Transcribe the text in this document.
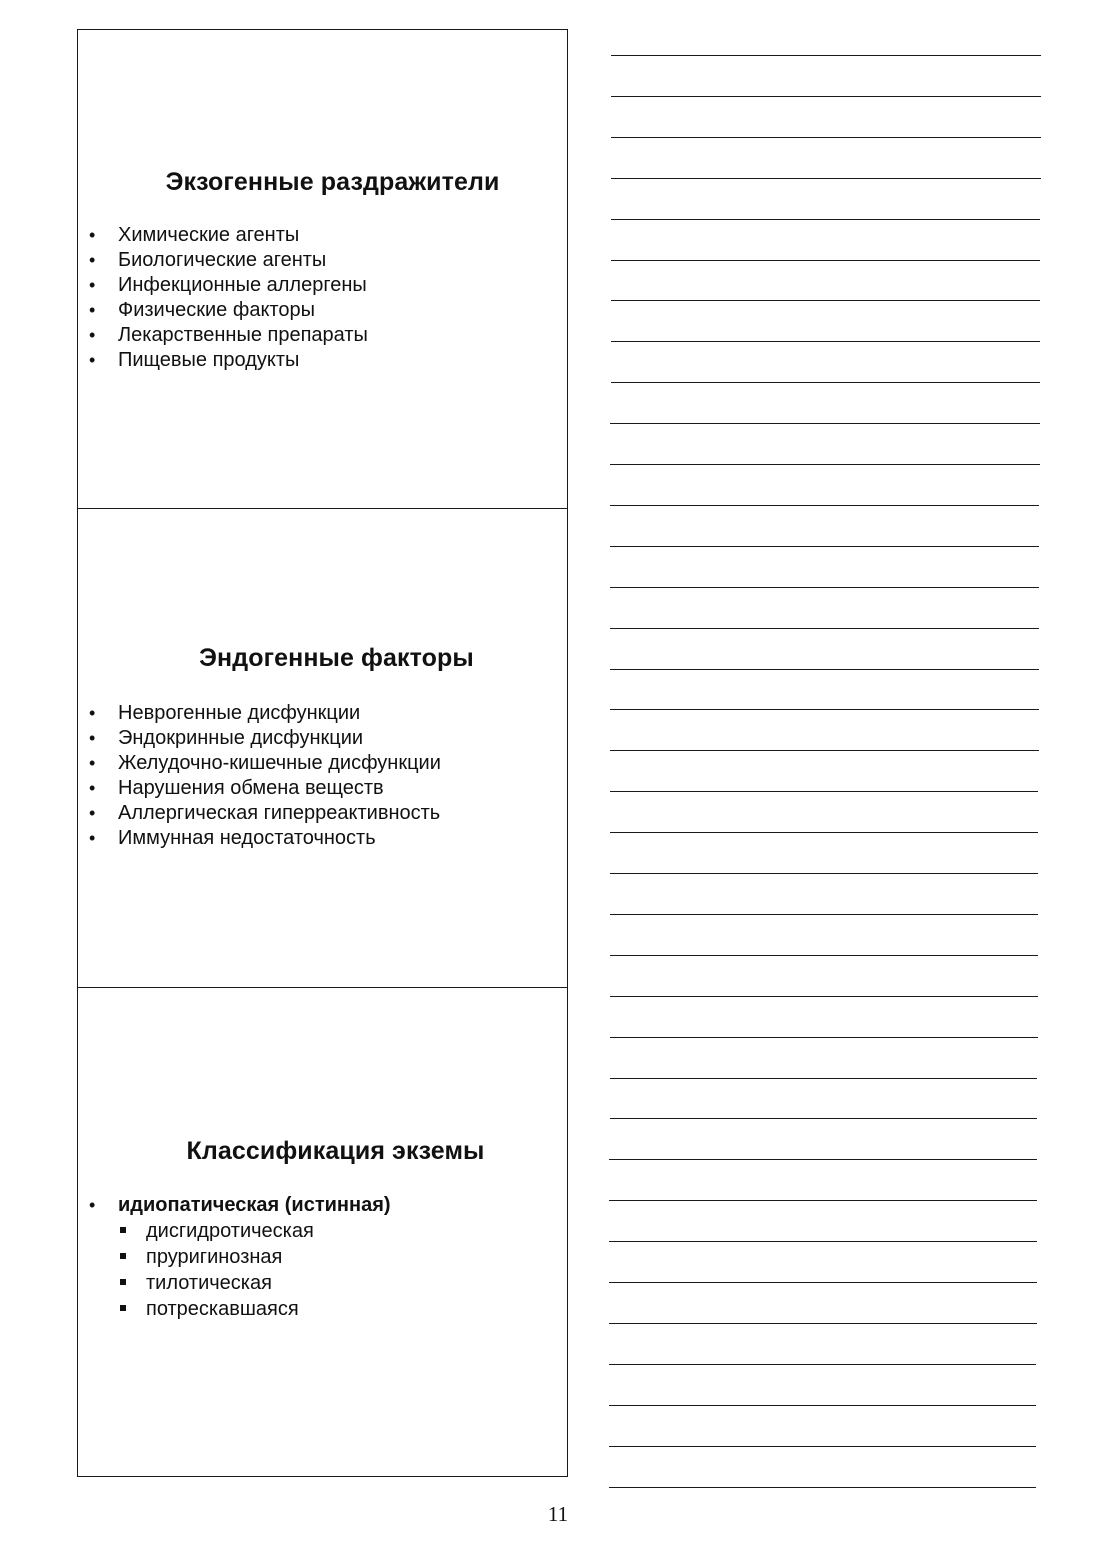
Экзогенные раздражители
• Химические агенты
• Биологические агенты
• Инфекционные аллергены
• Физические факторы
• Лекарственные препараты
• Пищевые продукты
Эндогенные факторы
• Неврогенные дисфункции
• Эндокринные дисфункции
• Желудочно-кишечные дисфункции
• Нарушения обмена веществ
• Аллергическая гиперреактивность
• Иммунная недостаточность
Классификация экземы
• идиопатическая (истинная)
дисгидротическая
пруригинозная
тилотическая
потрескавшаяся
11
